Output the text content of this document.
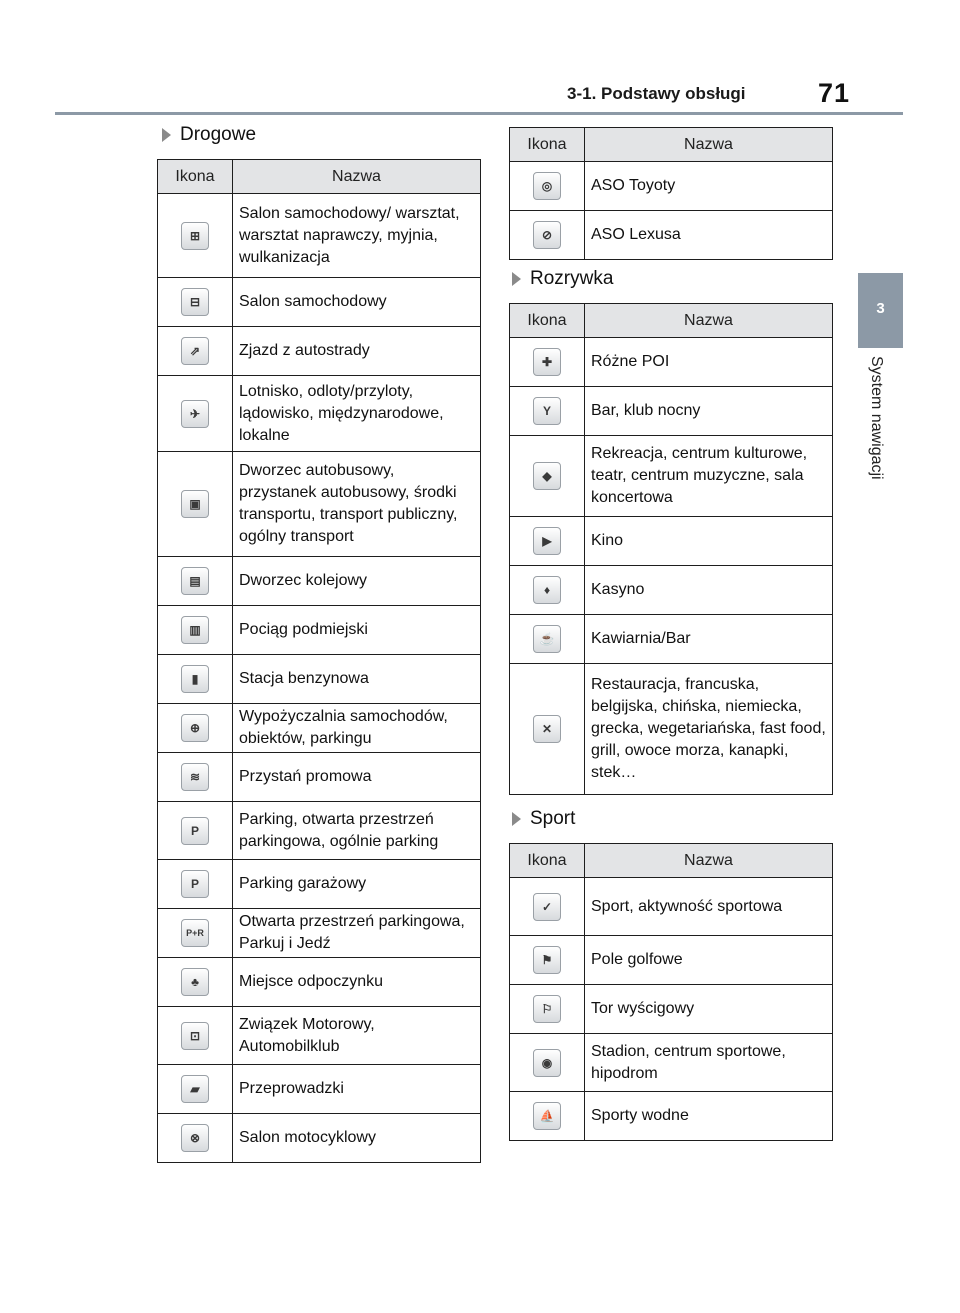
3-1. Podstawy obsługi	71
3
System nawigacji
Drogowe
Ikona	Nazwa

⊞	Salon samochodowy/ warsztat, warsztat naprawczy, myjnia, wulkanizacja

⊟	Salon samochodowy

⇗	Zjazd z autostrady

✈	Lotnisko, odloty/przyloty, lądowisko, międzynarodowe, lokalne

▣	Dworzec autobusowy, przystanek autobusowy, środki transportu, transport publiczny, ogólny transport

▤	Dworzec kolejowy

▥	Pociąg podmiejski

▮	Stacja benzynowa

⊕	Wypożyczalnia samochodów, obiektów, parkingu

≋	Przystań promowa

P	Parking, otwarta przestrzeń parkingowa, ogólnie parking

P	Parking garażowy

P+R	Otwarta przestrzeń parkingowa, Parkuj i Jedź

♣	Miejsce odpoczynku

⊡	Związek Motorowy, Automobilklub

▰	Przeprowadzki

⊗	Salon motocyklowy
Ikona	Nazwa

◎	ASO Toyoty

⊘	ASO Lexusa
Rozrywka
Ikona	Nazwa

✚	Różne POI

Y	Bar, klub nocny

◆	Rekreacja, centrum kulturowe, teatr, centrum muzyczne, sala koncertowa

▶	Kino

♦	Kasyno

☕	Kawiarnia/Bar

✕	Restauracja, francuska, belgijska, chińska, niemiecka, grecka, wegetariańska, fast food, grill, owoce morza, kanapki, stek…
Sport
Ikona	Nazwa

✓	Sport, aktywność sportowa

⚑	Pole golfowe

⚐	Tor wyścigowy

◉	Stadion, centrum sportowe, hipodrom

⛵	Sporty wodne
